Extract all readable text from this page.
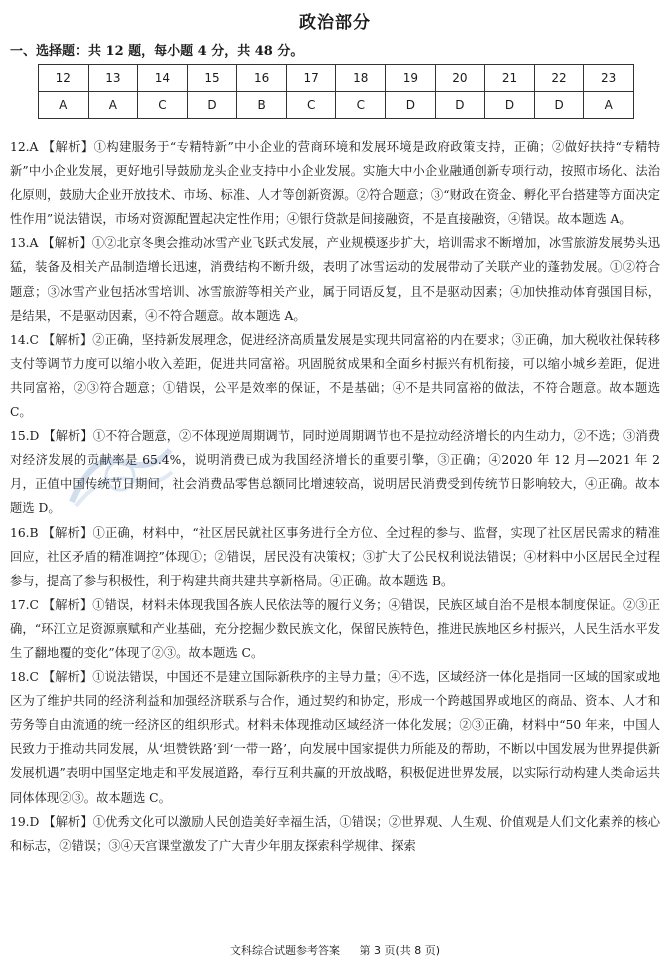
政治部分
一、选择题：共 12 题，每小题 4 分，共 48 分。
12	13	14	15	16	17	18	19	20	21	22	23
A	A	C	D	B	C	C	D	D	D	D	A

12.A 【解析】①构建服务于“专精特新”中小企业的营商环境和发展环境是政府政策支持，正确；②做好扶持“专精特新”中小企业发展，更好地引导鼓励龙头企业支持中小企业发展。实施大中小企业融通创新专项行动，按照市场化、法治化原则，鼓励大企业开放技术、市场、标准、人才等创新资源。②符合题意；③“财政在资金、孵化平台搭建等方面决定性作用”说法错误，市场对资源配置起决定性作用；④银行贷款是间接融资，不是直接融资，④错误。故本题选 A。

13.A 【解析】①②北京冬奥会推动冰雪产业飞跃式发展，产业规模逐步扩大，培训需求不断增加，冰雪旅游发展势头迅猛，装备及相关产品制造增长迅速，消费结构不断升级，表明了冰雪运动的发展带动了关联产业的蓬勃发展。①②符合题意；③冰雪产业包括冰雪培训、冰雪旅游等相关产业，属于同语反复，且不是驱动因素；④加快推动体育强国目标，是结果，不是驱动因素，④不符合题意。故本题选 A。

14.C 【解析】②正确，坚持新发展理念，促进经济高质量发展是实现共同富裕的内在要求；③正确，加大税收社保转移支付等调节力度可以缩小收入差距，促进共同富裕。巩固脱贫成果和全面乡村振兴有机衔接，可以缩小城乡差距，促进共同富裕，②③符合题意；①错误，公平是效率的保证，不是基础；④不是共同富裕的做法，不符合题意。故本题选 C。

15.D 【解析】①不符合题意，②不体现逆周期调节，同时逆周期调节也不是拉动经济增长的内生动力，②不选；③消费对经济发展的贡献率是 65.4%，说明消费已成为我国经济增长的重要引擎，③正确；④2020 年 12 月—2021 年 2 月，正值中国传统节日期间，社会消费品零售总额同比增速较高，说明居民消费受到传统节日影响较大，④正确。故本题选 D。

16.B 【解析】①正确，材料中，“社区居民就社区事务进行全方位、全过程的参与、监督，实现了社区居民需求的精准回应，社区矛盾的精准调控”体现①；②错误，居民没有决策权；③扩大了公民权利说法错误；④材料中小区居民全过程参与，提高了参与积极性，利于构建共商共建共享新格局。④正确。故本题选 B。

17.C 【解析】①错误，材料未体现我国各族人民依法等的履行义务；④错误，民族区域自治不是根本制度保证。②③正确，“环江立足资源禀赋和产业基础，充分挖掘少数民族文化，保留民族特色，推进民族地区乡村振兴，人民生活水平发生了翻地覆的变化”体现了②③。故本题选 C。

18.C 【解析】①说法错误，中国还不是建立国际新秩序的主导力量；④不选，区域经济一体化是指同一区域的国家或地区为了维护共同的经济利益和加强经济联系与合作，通过契约和协定，形成一个跨越国界或地区的商品、资本、人才和劳务等自由流通的统一经济区的组织形式。材料未体现推动区域经济一体化发展；②③正确，材料中“50 年来，中国人民致力于推动共同发展，从‘坦赞铁路’到‘一带一路’，向发展中国家提供力所能及的帮助，不断以中国发展为世界提供新发展机遇”表明中国坚定地走和平发展道路，奉行互利共赢的开放战略，积极促进世界发展，以实际行动构建人类命运共同体体现②③。故本题选 C。

19.D 【解析】①优秀文化可以激励人民创造美好幸福生活，①错误；②世界观、人生观、价值观是人们文化素养的核心和标志，②错误；③④天宫课堂激发了广大青少年朋友探索科学规律、探索

文科综合试题参考答案 第 3 页(共 8 页)
